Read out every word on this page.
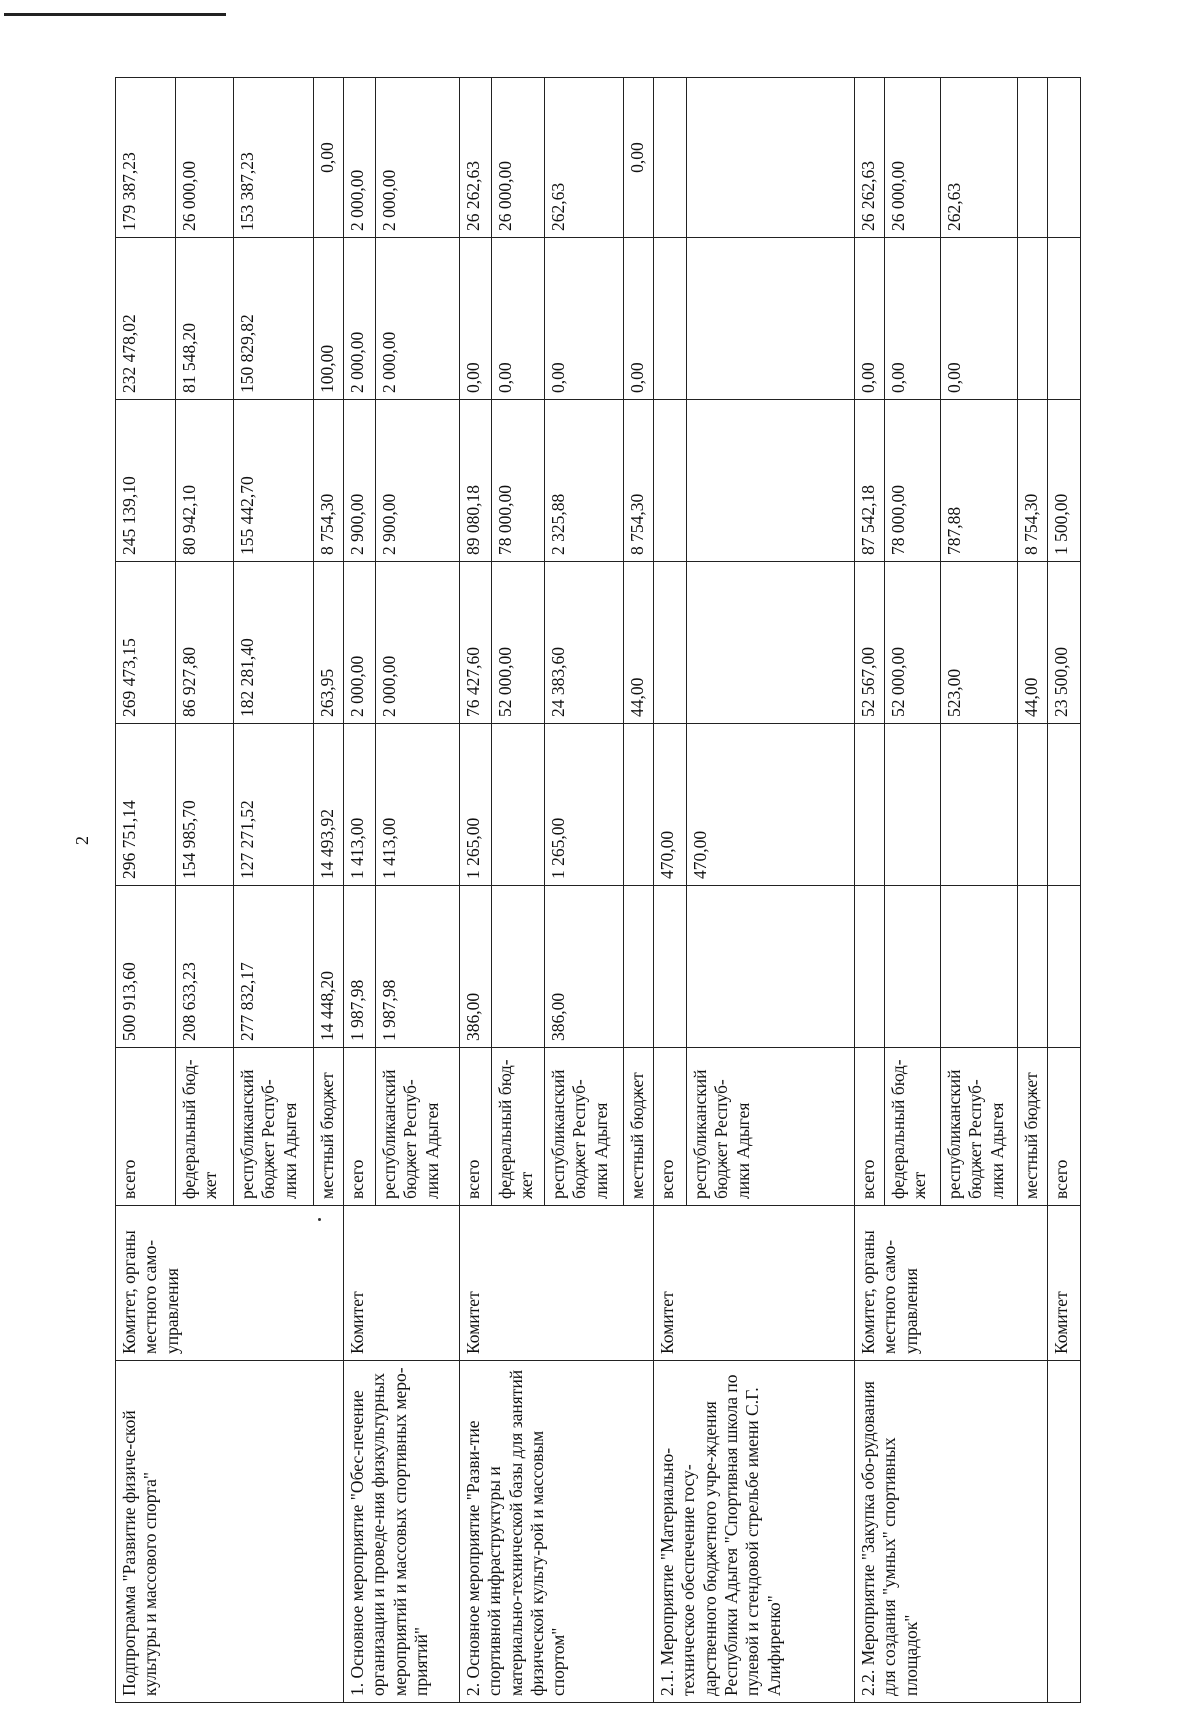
2
Подпрограмма "Развитие физиче-ской культуры и массового спорта"	Комитет, органы местного само-управления	всего	500 913,60	296 751,14	269 473,15	245 139,10	232 478,02	179 387,23
		федеральный бюд-жет	208 633,23	154 985,70	86 927,80	80 942,10	81 548,20	26 000,00
		республиканский бюджет Респуб-лики Адыгея	277 832,17	127 271,52	182 281,40	155 442,70	150 829,82	153 387,23
		местный бюджет	14 448,20	14 493,92	263,95	8 754,30	100,00	0,00
1. Основное мероприятие "Обес-печение организации и проведе-ния физкультурных мероприятий и массовых спортивных меро-приятий"	Комитет	всего	1 987,98	1 413,00	2 000,00	2 900,00	2 000,00	2 000,00
		республиканский бюджет Респуб-лики Адыгея	1 987,98	1 413,00	2 000,00	2 900,00	2 000,00	2 000,00
2. Основное мероприятие "Разви-тие спортивной инфраструктуры и материально-технической базы для занятий физической культу-рой и массовым спортом"	Комитет	всего	386,00	1 265,00	76 427,60	89 080,18	0,00	26 262,63
		федеральный бюд-жет			52 000,00	78 000,00	0,00	26 000,00
		республиканский бюджет Респуб-лики Адыгея	386,00	1 265,00	24 383,60	2 325,88	0,00	262,63
		местный бюджет			44,00	8 754,30	0,00	0,00
2.1. Мероприятие "Материально-техническое обеспечение госу-дарственного бюджетного учре-ждения Республики Адыгея "Спортивная школа по пулевой и стендовой стрельбе имени С.Г. Алифиренко"	Комитет	всего		470,00				
		республиканский бюджет Респуб-лики Адыгея		470,00				
2.2. Мероприятие "Закупка обо-рудования для создания "умных" спортивных площадок"	Комитет, органы местного само-управления	всего			52 567,00	87 542,18	0,00	26 262,63
		федеральный бюд-жет			52 000,00	78 000,00	0,00	26 000,00
		республиканский бюджет Респуб-лики Адыгея			523,00	787,88	0,00	262,63
		местный бюджет			44,00	8 754,30		
	Комитет	всего			23 500,00	1 500,00		
